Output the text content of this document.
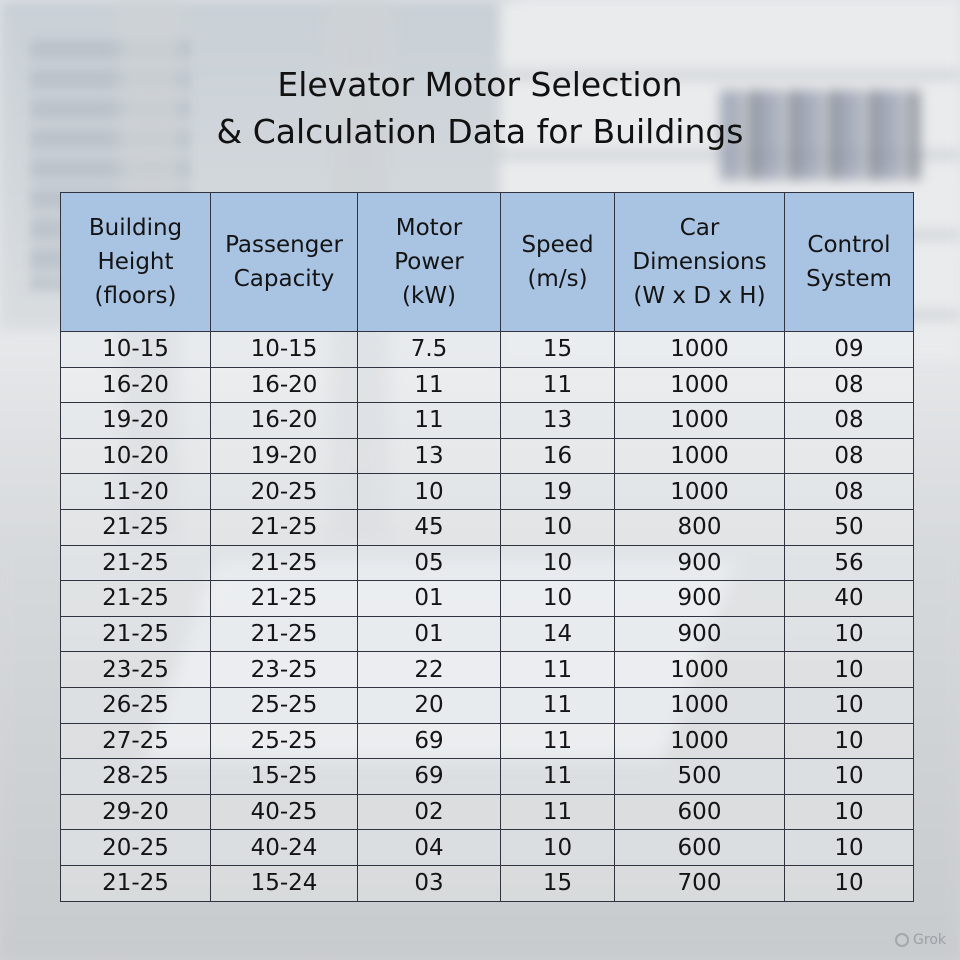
Elevator Motor Selection
& Calculation Data for Buildings
Building
Height
(floors)	Passenger
Capacity	Motor
Power
(kW)	Speed
(m/s)	Car
Dimensions
(W x D x H)	Control
System

10-15	10-15	7.5	15	1000	09
16-20	16-20	11	11	1000	08
19-20	16-20	11	13	1000	08
10-20	19-20	13	16	1000	08
11-20	20-25	10	19	1000	08
21-25	21-25	45	10	800	50
21-25	21-25	05	10	900	56
21-25	21-25	01	10	900	40
21-25	21-25	01	14	900	10
23-25	23-25	22	11	1000	10
26-25	25-25	20	11	1000	10
27-25	25-25	69	11	1000	10
28-25	15-25	69	11	500	10
29-20	40-25	02	11	600	10
20-25	40-24	04	10	600	10
21-25	15-24	03	15	700	10
Grok
